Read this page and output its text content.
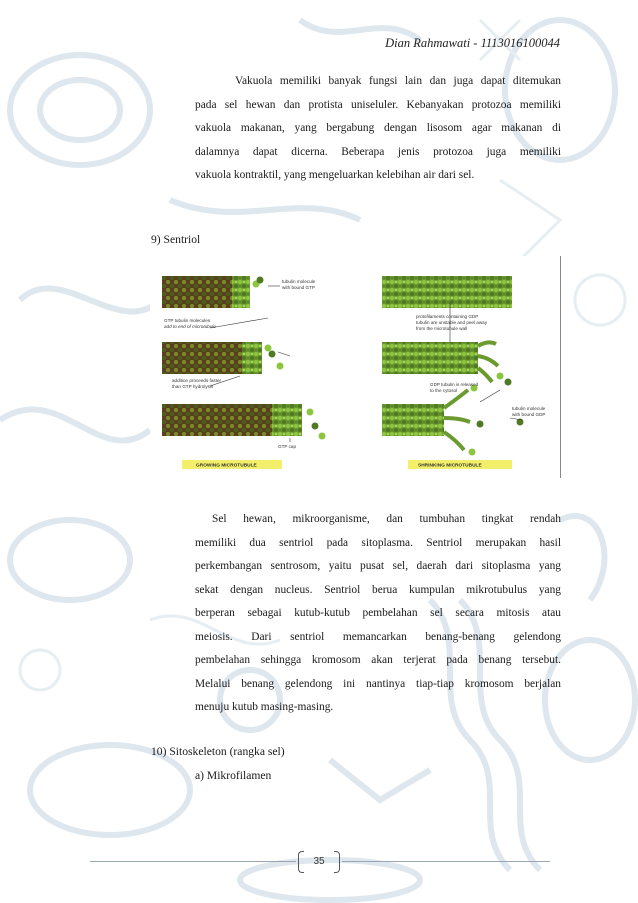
Dian Rahmawati - 1113016100044
Vakuola memiliki banyak fungsi lain dan juga dapat ditemukan
pada sel hewan dan protista uniseluler. Kebanyakan protozoa memiliki
vakuola makanan, yang bergabung dengan lisosom agar makanan di
dalamnya dapat dicerna. Beberapa jenis protozoa juga memiliki
vakuola kontraktil, yang mengeluarkan kelebihan air dari sel.
9) Sentriol
tubulin molecule
with bound GTP
GTP tubulin molecules
add to end of microtubule
addition proceeds faster
than GTP hydrolysis
GTP cap
GROWING MICROTUBULE
protofilaments containing GDP
tubulin are unstable and peel away
from the microtubule wall
GDP tubulin is released
to the cytosol
tubulin molecule
with bound GDP
SHRINKING MICROTUBULE
Sel hewan, mikroorganisme, dan tumbuhan tingkat rendah
memiliki dua sentriol pada sitoplasma. Sentriol merupakan hasil
perkembangan sentrosom, yaitu pusat sel, daerah dari sitoplasma yang
sekat dengan nucleus. Sentriol berua kumpulan mikrotubulus yang
berperan sebagai kutub-kutub pembelahan sel secara mitosis atau
meiosis. Dari sentriol memancarkan benang-benang gelendong
pembelahan sehingga kromosom akan terjerat pada benang tersebut.
Melalui benang gelendong ini nantinya tiap-tiap kromosom berjalan
menuju kutub masing-masing.
10) Sitoskeleton (rangka sel)
a) Mikrofilamen
35
